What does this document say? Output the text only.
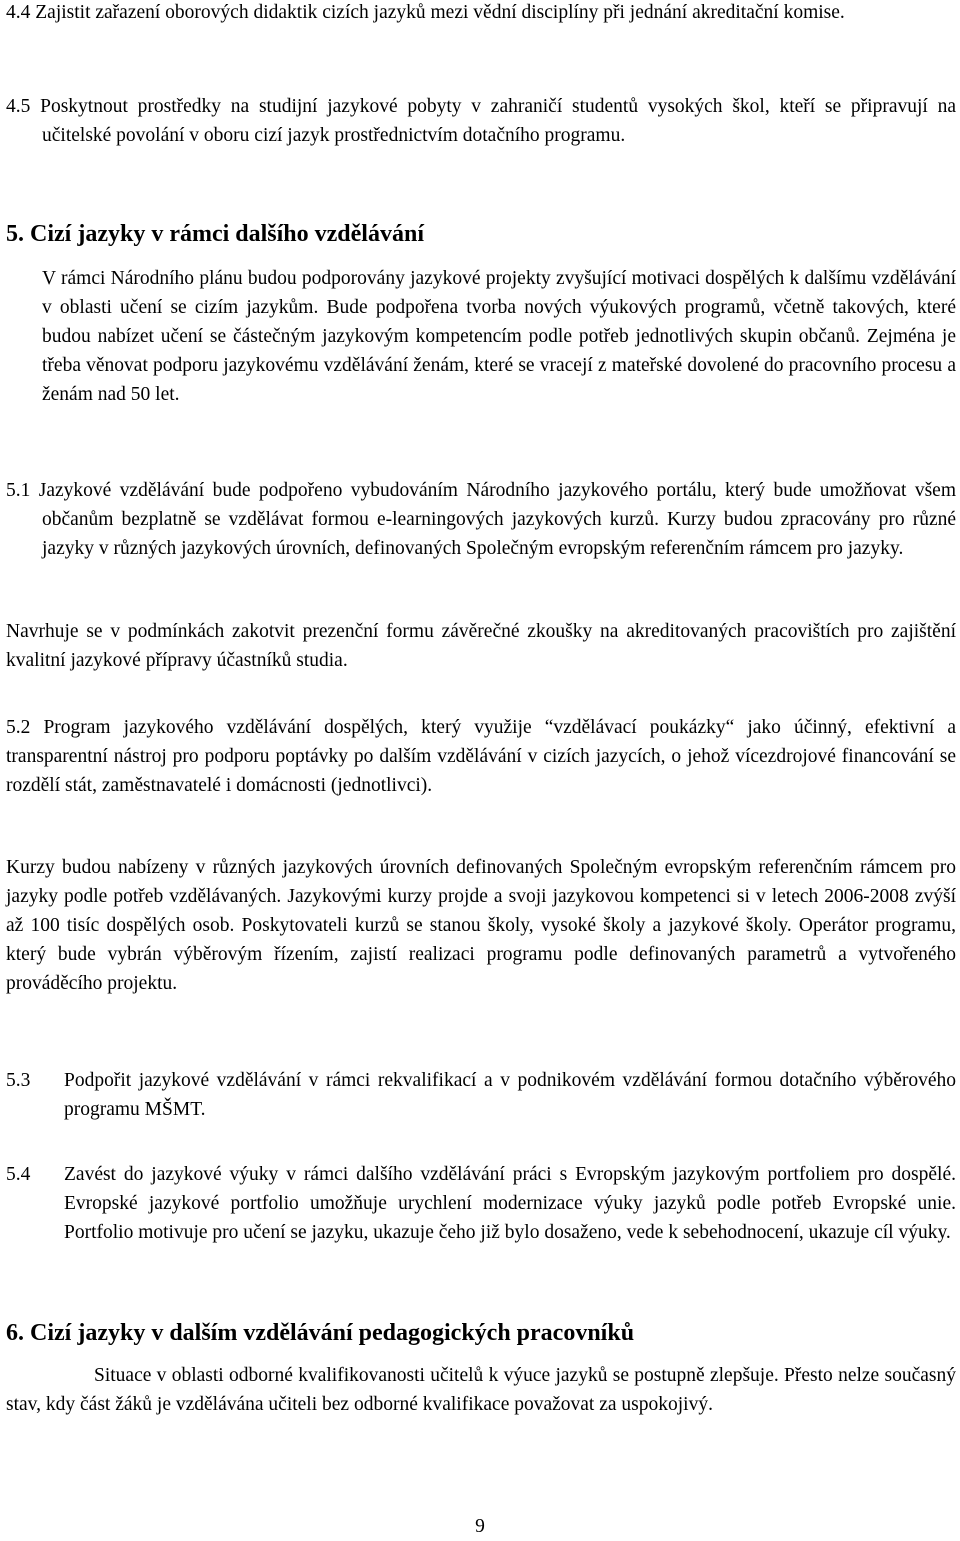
4.4 Zajistit zařazení oborových didaktik cizích jazyků mezi vědní disciplíny při jednání akreditační komise.

4.5 Poskytnout prostředky na studijní jazykové pobyty v zahraničí studentů vysokých škol, kteří se připravují na učitelské povolání v oboru cizí jazyk prostřednictvím dotačního programu.

5. Cizí jazyky v rámci dalšího vzdělávání

V rámci Národního plánu budou podporovány jazykové projekty zvyšující motivaci dospělých k dalšímu vzdělávání v oblasti učení se cizím jazykům. Bude podpořena tvorba nových výukových programů, včetně takových, které budou nabízet učení se částečným jazykovým kompetencím podle potřeb jednotlivých skupin občanů. Zejména je třeba věnovat podporu jazykovému vzdělávání ženám, které se vracejí z mateřské dovolené do pracovního procesu a ženám nad 50 let.

5.1 Jazykové vzdělávání bude podpořeno vybudováním Národního jazykového portálu, který bude umožňovat všem občanům bezplatně se vzdělávat formou e-learningových jazykových kurzů. Kurzy budou zpracovány pro různé jazyky v různých jazykových úrovních, definovaných Společným evropským referenčním rámcem pro jazyky.

Navrhuje se v podmínkách zakotvit prezenční formu závěrečné zkoušky na akreditovaných pracovištích pro zajištění kvalitní jazykové přípravy účastníků studia.

5.2 Program jazykového vzdělávání dospělých, který využije “vzdělávací poukázky“ jako účinný, efektivní a transparentní nástroj pro podporu poptávky po dalším vzdělávání v cizích jazycích, o jehož vícezdrojové financování se rozdělí stát, zaměstnavatelé i domácnosti (jednotlivci).

Kurzy budou nabízeny v různých jazykových úrovních definovaných Společným evropským referenčním rámcem pro jazyky podle potřeb vzdělávaných. Jazykovými kurzy projde a svoji jazykovou kompetenci si v letech 2006-2008 zvýší až 100 tisíc dospělých osob. Poskytovateli kurzů se stanou školy, vysoké školy a jazykové školy. Operátor programu, který bude vybrán výběrovým řízením, zajistí realizaci programu podle definovaných parametrů a vytvořeného prováděcího projektu.

5.3	Podpořit jazykové vzdělávání v rámci rekvalifikací a v podnikovém vzdělávání formou dotačního výběrového programu MŠMT.

5.4	Zavést do jazykové výuky v rámci dalšího vzdělávání práci s Evropským jazykovým portfoliem pro dospělé. Evropské jazykové portfolio umožňuje urychlení modernizace výuky jazyků podle potřeb Evropské unie. Portfolio motivuje pro učení se jazyku, ukazuje čeho již bylo dosaženo, vede k sebehodnocení, ukazuje cíl výuky.

6. Cizí jazyky v dalším vzdělávání pedagogických pracovníků

Situace v oblasti odborné kvalifikovanosti učitelů k výuce jazyků se postupně zlepšuje. Přesto nelze současný stav, kdy část žáků je vzdělávána učiteli bez odborné kvalifikace považovat za uspokojivý.

9
